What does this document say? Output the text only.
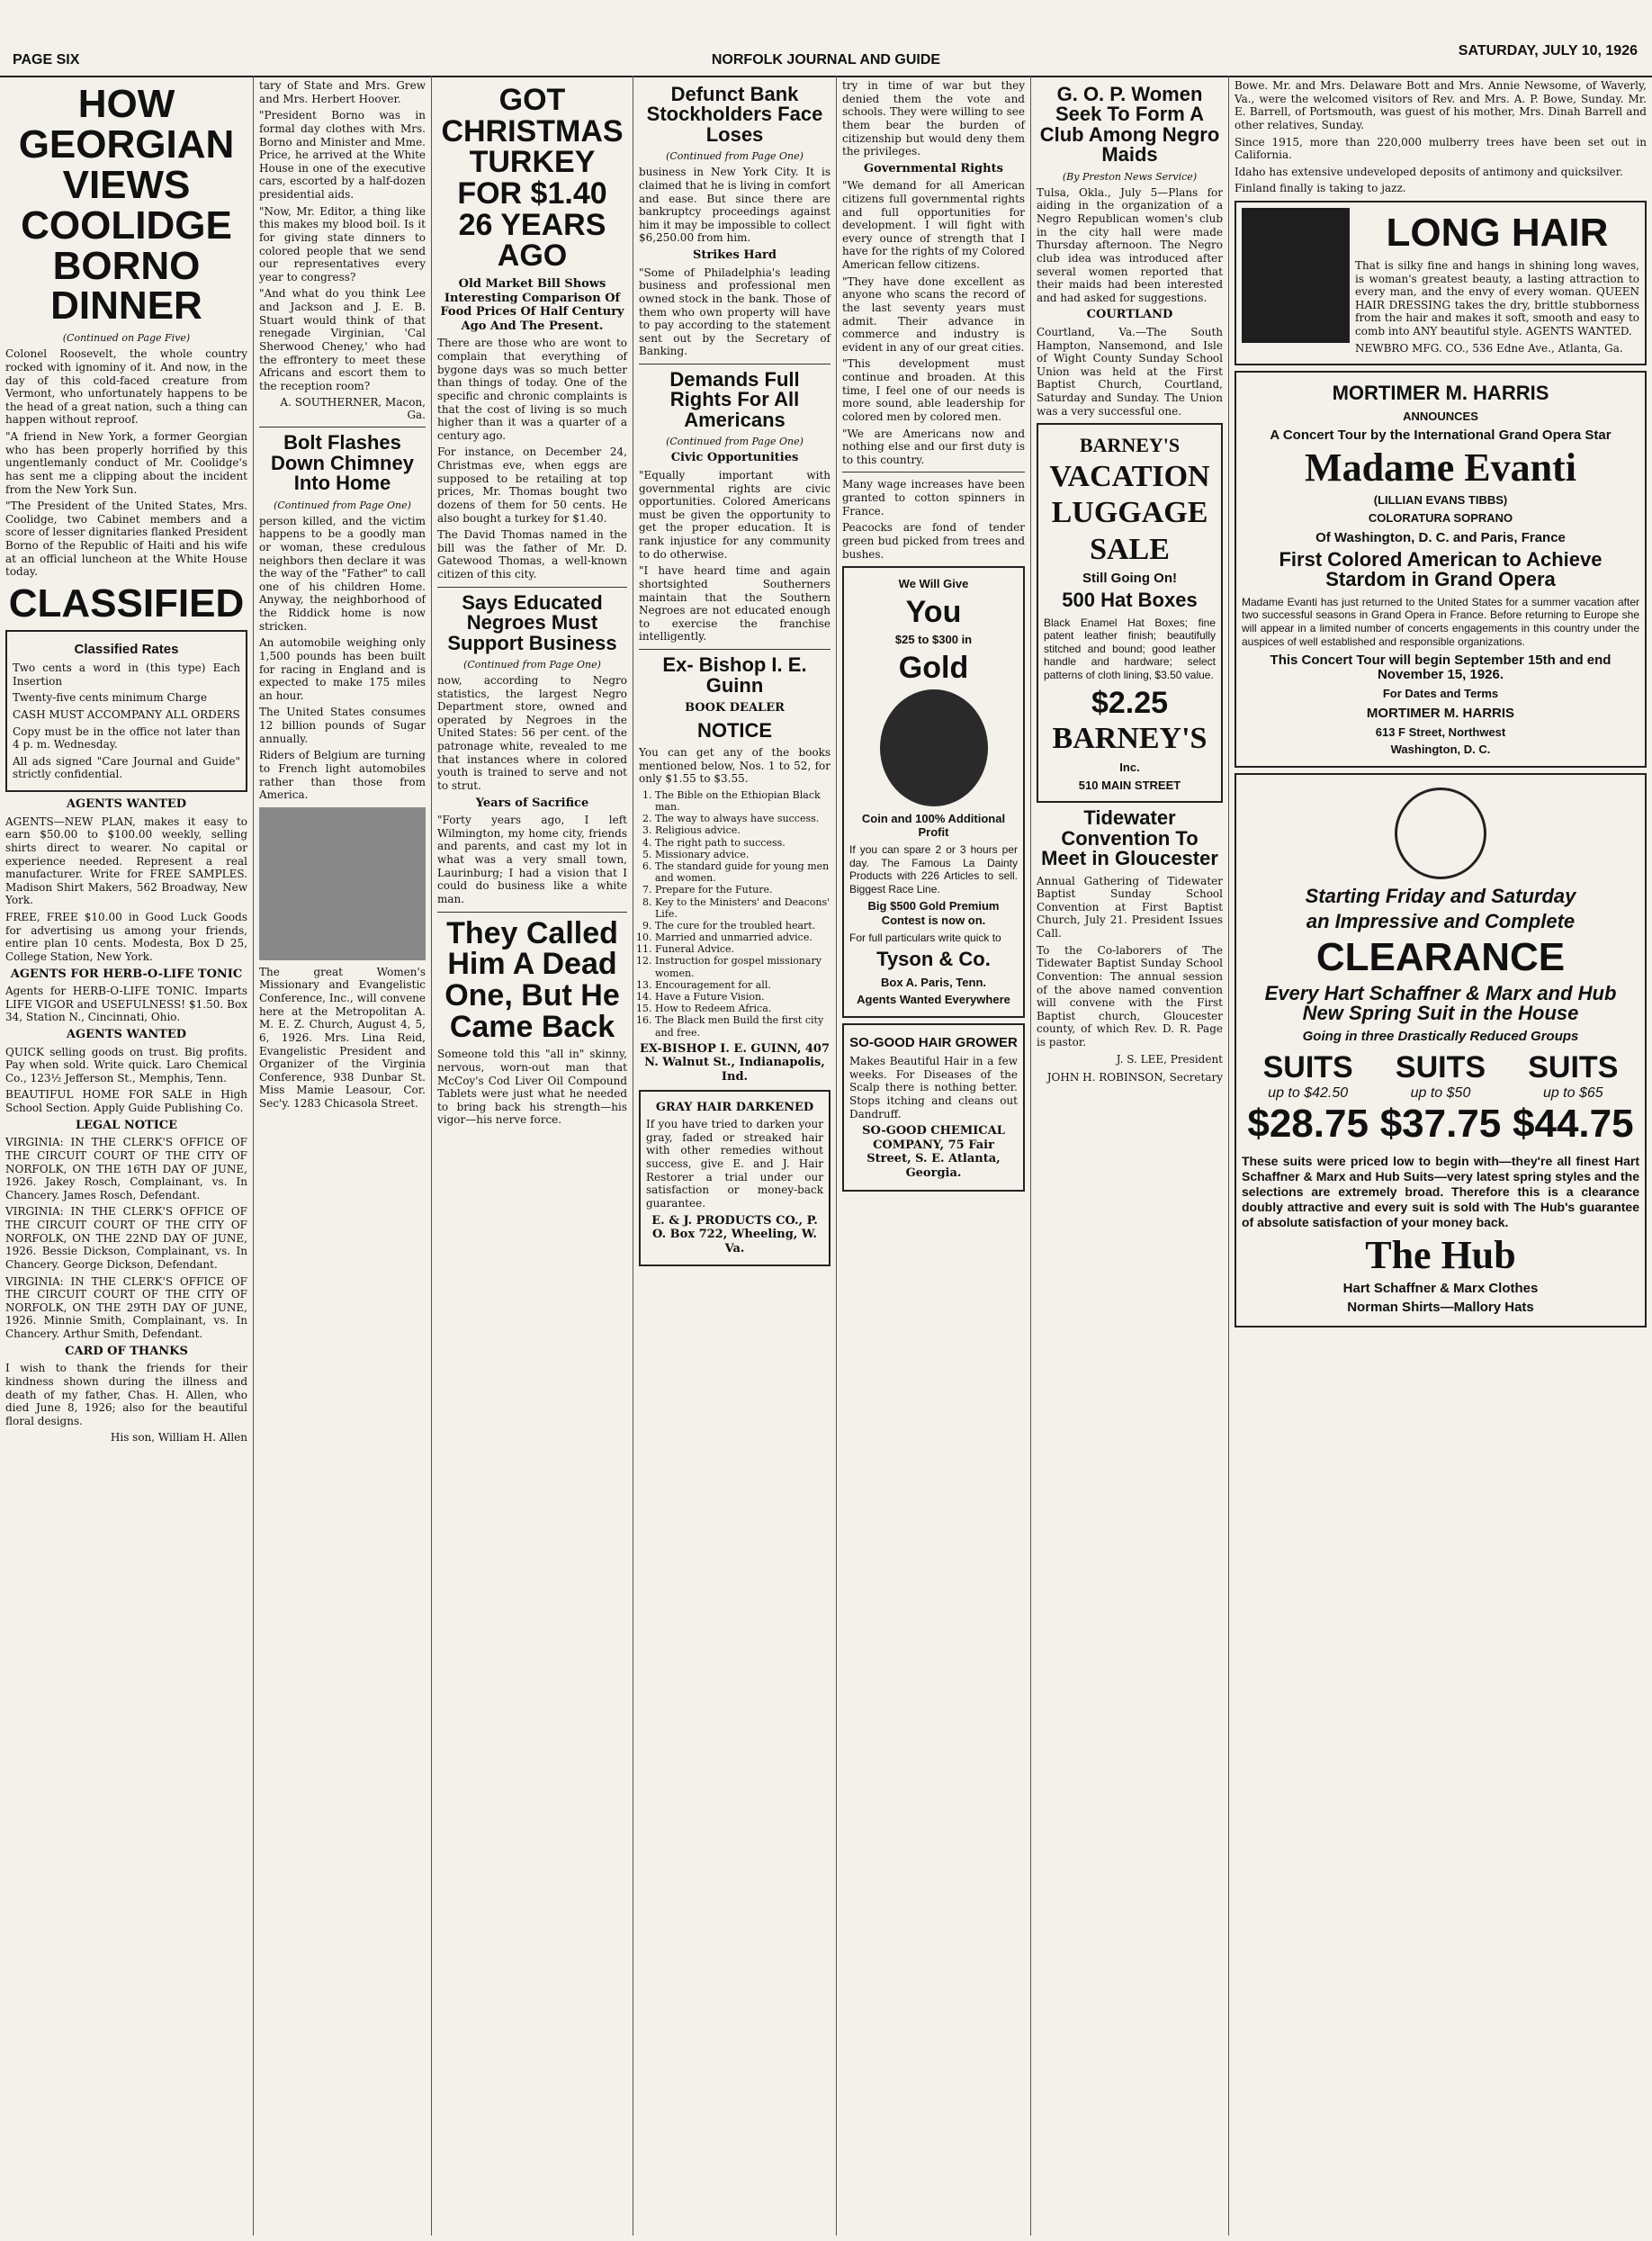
PAGE SIX	NORFOLK JOURNAL AND GUIDE
SATURDAY, JULY 10, 1926
HOW GEORGIAN VIEWS COOLIDGE BORNO DINNER
(Continued on Page Five)

Colonel Roosevelt, the whole country rocked with ignominy of it. And now, in the day of this cold-faced creature from Vermont, who unfortunately happens to be the head of a great nation, such a thing can happen without reproof.

"A friend in New York, a former Georgian who has been properly horrified by this ungentlemanly conduct of Mr. Coolidge's has sent me a clipping about the incident from the New York Sun.

"The President of the United States, Mrs. Coolidge, two Cabinet members and a score of lesser dignitaries flanked President Borno of the Republic of Haiti and his wife at an official luncheon at the White House today.

CLASSIFIED
Classified Rates

Two cents a word in (this type) Each Insertion

Twenty-five cents minimum Charge

CASH MUST ACCOMPANY ALL ORDERS

Copy must be in the office not later than 4 p. m. Wednesday.

All ads signed "Care Journal and Guide" strictly confidential.

AGENTS WANTED

AGENTS—NEW PLAN, makes it easy to earn $50.00 to $100.00 weekly, selling shirts direct to wearer. No capital or experience needed. Represent a real manufacturer. Write for FREE SAMPLES. Madison Shirt Makers, 562 Broadway, New York.

FREE, FREE $10.00 in Good Luck Goods for advertising us among your friends, entire plan 10 cents. Modesta, Box D 25, College Station, New York.

AGENTS FOR HERB-O-LIFE TONIC

Agents for HERB-O-LIFE TONIC. Imparts LIFE VIGOR and USEFULNESS! $1.50. Box 34, Station N., Cincinnati, Ohio.

AGENTS WANTED

QUICK selling goods on trust. Big profits. Pay when sold. Write quick. Laro Chemical Co., 123½ Jefferson St., Memphis, Tenn.

BEAUTIFUL HOME FOR SALE in High School Section. Apply Guide Publishing Co.

LEGAL NOTICE

VIRGINIA: IN THE CLERK'S OFFICE OF THE CIRCUIT COURT OF THE CITY OF NORFOLK, ON THE 16TH DAY OF JUNE, 1926. Jakey Rosch, Complainant, vs. In Chancery. James Rosch, Defendant.

VIRGINIA: IN THE CLERK'S OFFICE OF THE CIRCUIT COURT OF THE CITY OF NORFOLK, ON THE 22ND DAY OF JUNE, 1926. Bessie Dickson, Complainant, vs. In Chancery. George Dickson, Defendant.

VIRGINIA: IN THE CLERK'S OFFICE OF THE CIRCUIT COURT OF THE CITY OF NORFOLK, ON THE 29TH DAY OF JUNE, 1926. Minnie Smith, Complainant, vs. In Chancery. Arthur Smith, Defendant.

CARD OF THANKS

I wish to thank the friends for their kindness shown during the illness and death of my father, Chas. H. Allen, who died June 8, 1926; also for the beautiful floral designs.

His son, William H. Allen

tary of State and Mrs. Grew and Mrs. Herbert Hoover.

"President Borno was in formal day clothes with Mrs. Borno and Minister and Mme. Price, he arrived at the White House in one of the executive cars, escorted by a half-dozen presidential aids.

"Now, Mr. Editor, a thing like this makes my blood boil. Is it for giving state dinners to colored people that we send our representatives every year to congress?

"And what do you think Lee and Jackson and J. E. B. Stuart would think of that renegade Virginian, 'Cal Sherwood Cheney,' who had the effrontery to meet these Africans and escort them to the reception room?

A. SOUTHERNER, Macon, Ga.
Bolt Flashes Down Chimney Into Home
(Continued from Page One)

person killed, and the victim happens to be a goodly man or woman, these credulous neighbors then declare it was the way of the "Father" to call one of his children Home. Anyway, the neighborhood of the Riddick home is now stricken.

An automobile weighing only 1,500 pounds has been built for racing in England and is expected to make 175 miles an hour.

The United States consumes 12 billion pounds of Sugar annually.

Riders of Belgium are turning to French light automobiles rather than those from America.

The great Women's Missionary and Evangelistic Conference, Inc., will convene here at the Metropolitan A. M. E. Z. Church, August 4, 5, 6, 1926. Mrs. Lina Reid, Evangelistic President and Organizer of the Virginia Conference, 938 Dunbar St. Miss Mamie Leasour, Cor. Sec'y. 1283 Chicasola Street.

GOT CHRISTMAS TURKEY FOR $1.40 26 YEARS AGO
Old Market Bill Shows Interesting Comparison Of Food Prices Of Half Century Ago And The Present.

There are those who are wont to complain that everything of bygone days was so much better than things of today. One of the specific and chronic complaints is that the cost of living is so much higher than it was a quarter of a century ago.

For instance, on December 24, Christmas eve, when eggs are supposed to be retailing at top prices, Mr. Thomas bought two dozens of them for 50 cents. He also bought a turkey for $1.40.

The David Thomas named in the bill was the father of Mr. D. Gatewood Thomas, a well-known citizen of this city.

Says Educated Negroes Must Support Business
(Continued from Page One)

now, according to Negro statistics, the largest Negro Department store, owned and operated by Negroes in the United States: 56 per cent. of the patronage white, revealed to me that instances where in colored youth is trained to serve and not to strut.

Years of Sacrifice

"Forty years ago, I left Wilmington, my home city, friends and parents, and cast my lot in what was a very small town, Laurinburg; I had a vision that I could do business like a white man.

They Called Him A Dead One, But He Came Back

Someone told this "all in" skinny, nervous, worn-out man that McCoy's Cod Liver Oil Compound Tablets were just what he needed to bring back his strength—his vigor—his nerve force.

Defunct Bank Stockholders Face Loses
(Continued from Page One)

business in New York City. It is claimed that he is living in comfort and ease. But since there are bankruptcy proceedings against him it may be impossible to collect $6,250.00 from him.

Strikes Hard

"Some of Philadelphia's leading business and professional men owned stock in the bank. Those of them who own property will have to pay according to the statement sent out by the Secretary of Banking.

Demands Full Rights For All Americans
(Continued from Page One)
Civic Opportunities

"Equally important with governmental rights are civic opportunities. Colored Americans must be given the opportunity to get the proper education. It is rank injustice for any community to do otherwise.

"I have heard time and again shortsighted Southerners maintain that the Southern Negroes are not educated enough to exercise the franchise intelligently.

Ex- Bishop I. E. Guinn
BOOK DEALER
NOTICE

You can get any of the books mentioned below, Nos. 1 to 52, for only $1.55 to $3.55.

1. The Bible on the Ethiopian Black man.
2. The way to always have success.
3. Religious advice.
4. The right path to success.
5. Missionary advice.
6. The standard guide for young men and women.
7. Prepare for the Future.
8. Key to the Ministers' and Deacons' Life.
9. The cure for the troubled heart.
10. Married and unmarried advice.
11. Funeral Advice.
12. Instruction for gospel missionary women.
13. Encouragement for all.
14. Have a Future Vision.
15. How to Redeem Africa.
16. The Black men Build the first city and free.
EX-BISHOP I. E. GUINN, 407 N. Walnut St., Indianapolis, Ind.
GRAY HAIR DARKENED

If you have tried to darken your gray, faded or streaked hair with other remedies without success, give E. and J. Hair Restorer a trial under our satisfaction or money-back guarantee.

E. & J. PRODUCTS CO., P. O. Box 722, Wheeling, W. Va.

try in time of war but they denied them the vote and schools. They were willing to see them bear the burden of citizenship but would deny them the privileges.

Governmental Rights

"We demand for all American citizens full governmental rights and full opportunities for development. I will fight with every ounce of strength that I have for the rights of my Colored American fellow citizens.

"They have done excellent as anyone who scans the record of the last seventy years must admit. Their advance in commerce and industry is evident in any of our great cities.

"This development must continue and broaden. At this time, I feel one of our needs is more sound, able leadership for colored men by colored men.

"We are Americans now and nothing else and our first duty is to this country.

Many wage increases have been granted to cotton spinners in France.

Peacocks are fond of tender green bud picked from trees and bushes.

We Will Give
You
$25 to $300 in
Gold
Coin and 100% Additional Profit

If you can spare 2 or 3 hours per day. The Famous La Dainty Products with 226 Articles to sell. Biggest Race Line.

Big $500 Gold Premium Contest is now on.

For full particulars write quick to

Tyson & Co.
Box A. Paris, Tenn.
Agents Wanted Everywhere
SO-GOOD HAIR GROWER

Makes Beautiful Hair in a few weeks. For Diseases of the Scalp there is nothing better. Stops itching and cleans out Dandruff.

SO-GOOD CHEMICAL COMPANY, 75 Fair Street, S. E. Atlanta, Georgia.
G. O. P. Women Seek To Form A Club Among Negro Maids
(By Preston News Service)

Tulsa, Okla., July 5—Plans for aiding in the organization of a Negro Republican women's club in the city hall were made Thursday afternoon. The Negro club idea was introduced after several women reported that their maids had been interested and had asked for suggestions.

COURTLAND

Courtland, Va.—The South Hampton, Nansemond, and Isle of Wight County Sunday School Union was held at the First Baptist Church, Courtland, Saturday and Sunday. The Union was a very successful one.

BARNEY'S
VACATION
LUGGAGE
SALE
Still Going On!
500 Hat Boxes

Black Enamel Hat Boxes; fine patent leather finish; beautifully stitched and bound; good leather handle and hardware; select patterns of cloth lining, $3.50 value.

$2.25
BARNEY'S
Inc.
510 MAIN STREET
Tidewater Convention To Meet in Gloucester

Annual Gathering of Tidewater Baptist Sunday School Convention at First Baptist Church, July 21. President Issues Call.

To the Co-laborers of The Tidewater Baptist Sunday School Convention: The annual session of the above named convention will convene with the First Baptist church, Gloucester county, of which Rev. D. R. Page is pastor.

J. S. LEE, President
JOHN H. ROBINSON, Secretary

Bowe. Mr. and Mrs. Delaware Bott and Mrs. Annie Newsome, of Waverly, Va., were the welcomed visitors of Rev. and Mrs. A. P. Bowe, Sunday. Mr. E. Barrell, of Portsmouth, was guest of his mother, Mrs. Dinah Barrell and other relatives, Sunday.

Since 1915, more than 220,000 mulberry trees have been set out in California.

Idaho has extensive undeveloped deposits of antimony and quicksilver.

Finland finally is taking to jazz.

LONG HAIR

That is silky fine and hangs in shining long waves, is woman's greatest beauty, a lasting attraction to every man, and the envy of every woman. QUEEN HAIR DRESSING takes the dry, brittle stubborness from the hair and makes it soft, smooth and easy to comb into ANY beautiful style. AGENTS WANTED.

NEWBRO MFG. CO., 536 Edne Ave., Atlanta, Ga.

MORTIMER M. HARRIS
ANNOUNCES
A Concert Tour by the International Grand Opera Star
Madame Evanti
(LILLIAN EVANS TIBBS)
COLORATURA SOPRANO
Of Washington, D. C. and Paris, France
First Colored American to Achieve Stardom in Grand Opera

Madame Evanti has just returned to the United States for a summer vacation after two successful seasons in Grand Opera in France. Before returning to Europe she will appear in a limited number of concerts engagements in this country under the auspices of well established and responsible organizations.

This Concert Tour will begin September 15th and end November 15, 1926.
For Dates and Terms
MORTIMER M. HARRIS
613 F Street, Northwest
Washington, D. C.
Starting Friday and Saturday
an Impressive and Complete
CLEARANCE
Every Hart Schaffner & Marx and Hub New Spring Suit in the House
Going in three Drastically Reduced Groups
SUITS
up to $42.50
$28.75
SUITS
up to $50
$37.75
SUITS
up to $65
$44.75

These suits were priced low to begin with—they're all finest Hart Schaffner & Marx and Hub Suits—very latest spring styles and the selections are extremely broad. Therefore this is a clearance doubly attractive and every suit is sold with The Hub's guarantee of absolute satisfaction of your money back.

The Hub
Hart Schaffner & Marx Clothes
Norman Shirts—Mallory Hats
